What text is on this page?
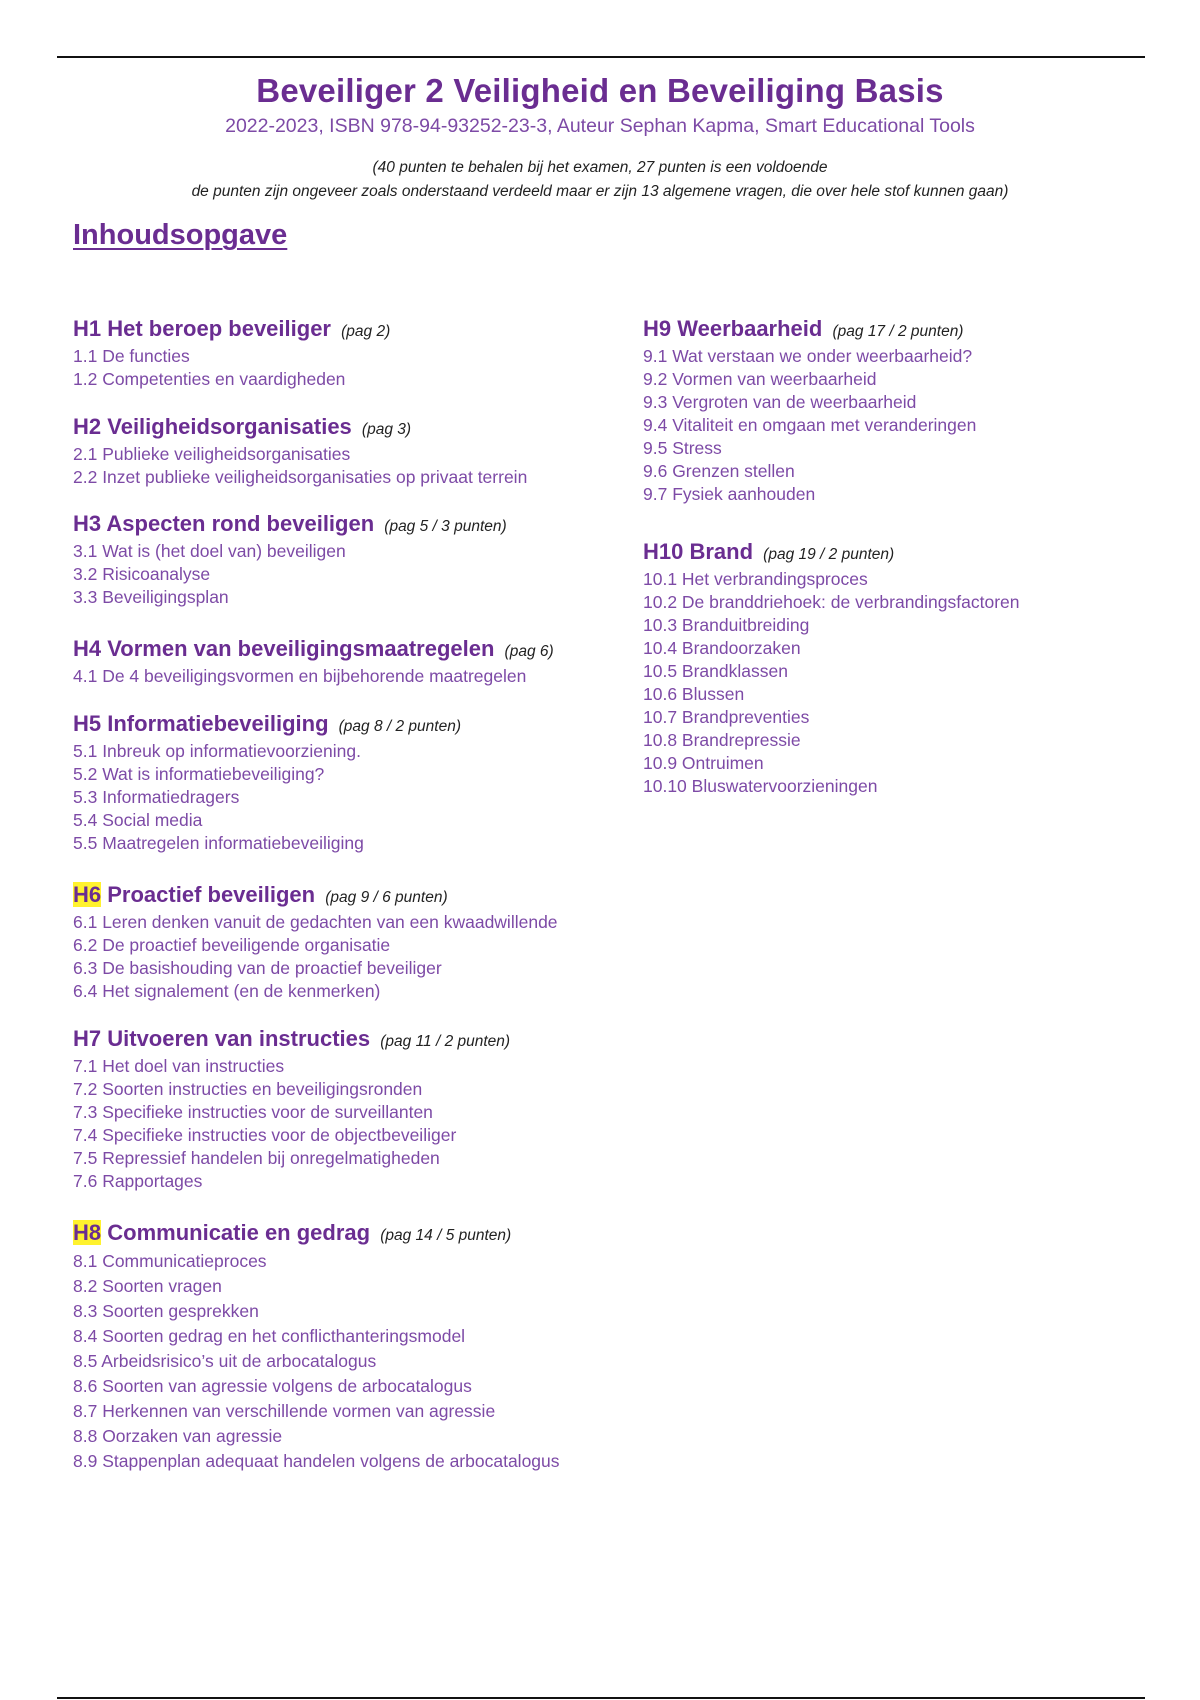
Beveiliger 2 Veiligheid en Beveiliging Basis
2022-2023, ISBN 978-94-93252-23-3, Auteur Sephan Kapma, Smart Educational Tools
(40 punten te behalen bij het examen, 27 punten is een voldoende
de punten zijn ongeveer zoals onderstaand verdeeld maar er zijn 13 algemene vragen, die over hele stof kunnen gaan)
Inhoudsopgave
H1 Het beroep beveiliger (pag 2)
1.1 De functies
1.2 Competenties en vaardigheden
H2 Veiligheidsorganisaties (pag 3)
2.1 Publieke veiligheidsorganisaties
2.2 Inzet publieke veiligheidsorganisaties op privaat terrein
H3 Aspecten rond beveiligen (pag 5 / 3 punten)
3.1 Wat is (het doel van) beveiligen
3.2 Risicoanalyse
3.3 Beveiligingsplan
H4 Vormen van beveiligingsmaatregelen (pag 6)
4.1 De 4 beveiligingsvormen en bijbehorende maatregelen
H5 Informatiebeveiliging (pag 8 / 2 punten)
5.1 Inbreuk op informatievoorziening.
5.2 Wat is informatiebeveiliging?
5.3 Informatiedragers
5.4 Social media
5.5 Maatregelen informatiebeveiliging
H6 Proactief beveiligen (pag 9 / 6 punten)
6.1 Leren denken vanuit de gedachten van een kwaadwillende
6.2 De proactief beveiligende organisatie
6.3 De basishouding van de proactief beveiliger
6.4 Het signalement (en de kenmerken)
H7 Uitvoeren van instructies (pag 11 / 2 punten)
7.1 Het doel van instructies
7.2 Soorten instructies en beveiligingsronden
7.3 Specifieke instructies voor de surveillanten
7.4 Specifieke instructies voor de objectbeveiliger
7.5 Repressief handelen bij onregelmatigheden
7.6 Rapportages
H8 Communicatie en gedrag (pag 14 / 5 punten)
8.1 Communicatieproces
8.2 Soorten vragen
8.3 Soorten gesprekken
8.4 Soorten gedrag en het conflicthanteringsmodel
8.5 Arbeidsrisico’s uit de arbocatalogus
8.6 Soorten van agressie volgens de arbocatalogus
8.7 Herkennen van verschillende vormen van agressie
8.8 Oorzaken van agressie
8.9 Stappenplan adequaat handelen volgens de arbocatalogus
H9 Weerbaarheid (pag 17 / 2 punten)
9.1 Wat verstaan we onder weerbaarheid?
9.2 Vormen van weerbaarheid
9.3 Vergroten van de weerbaarheid
9.4 Vitaliteit en omgaan met veranderingen
9.5 Stress
9.6 Grenzen stellen
9.7 Fysiek aanhouden
H10 Brand (pag 19 / 2 punten)
10.1 Het verbrandingsproces
10.2 De branddriehoek: de verbrandingsfactoren
10.3 Branduitbreiding
10.4 Brandoorzaken
10.5 Brandklassen
10.6 Blussen
10.7 Brandpreventies
10.8 Brandrepressie
10.9 Ontruimen
10.10 Bluswatervoorzieningen
